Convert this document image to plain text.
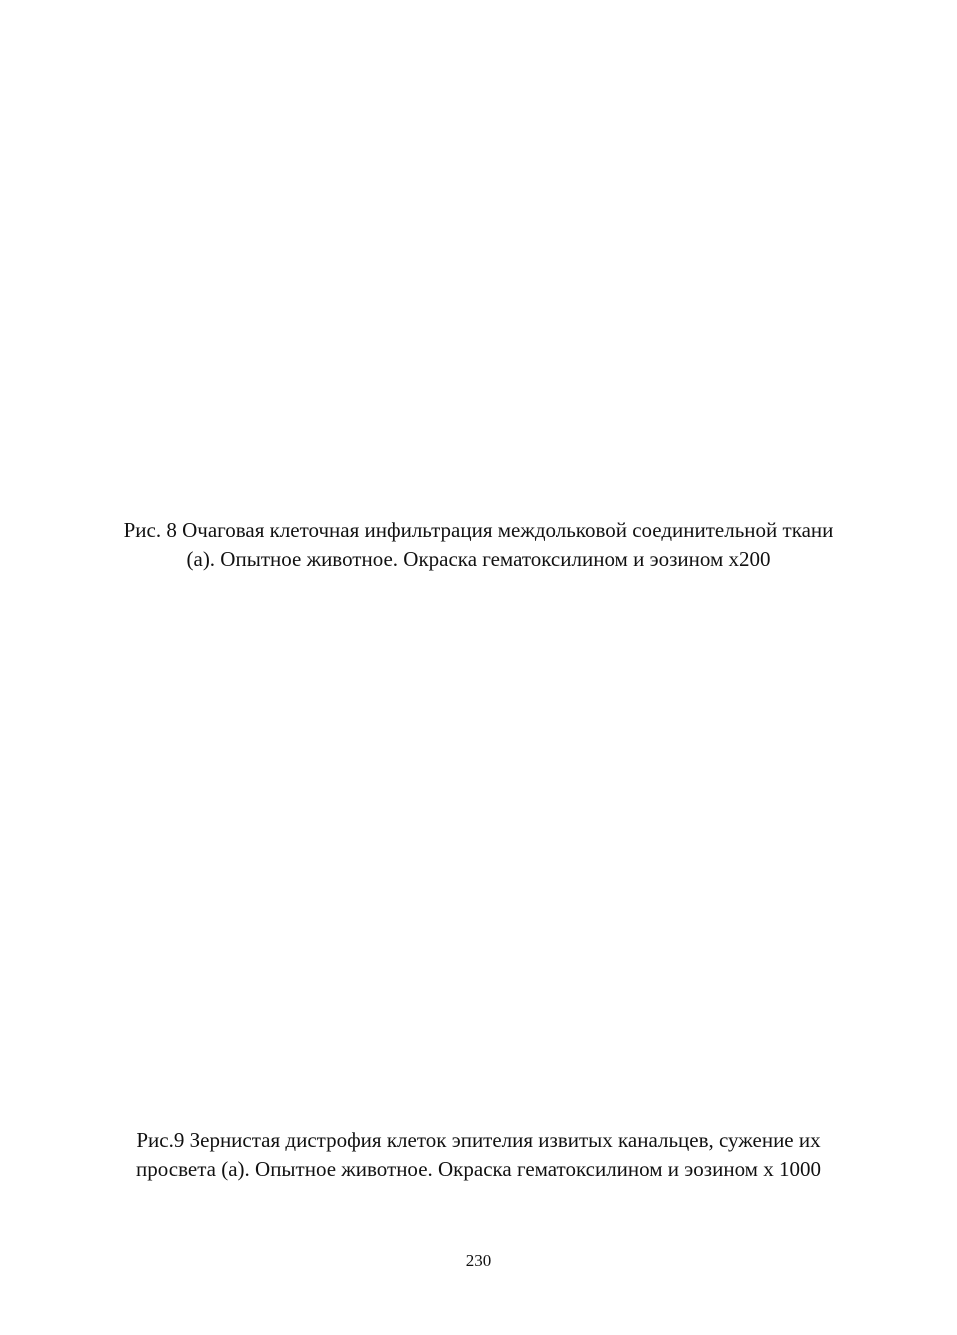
Рис. 8 Очаговая клеточная инфильтрация междольковой соединительной ткани
(а). Опытное животное. Окраска гематоксилином и эозином х200
Рис.9 Зернистая дистрофия клеток эпителия извитых канальцев, сужение их
просвета (а). Опытное животное. Окраска гематоксилином и эозином x 1000
230
